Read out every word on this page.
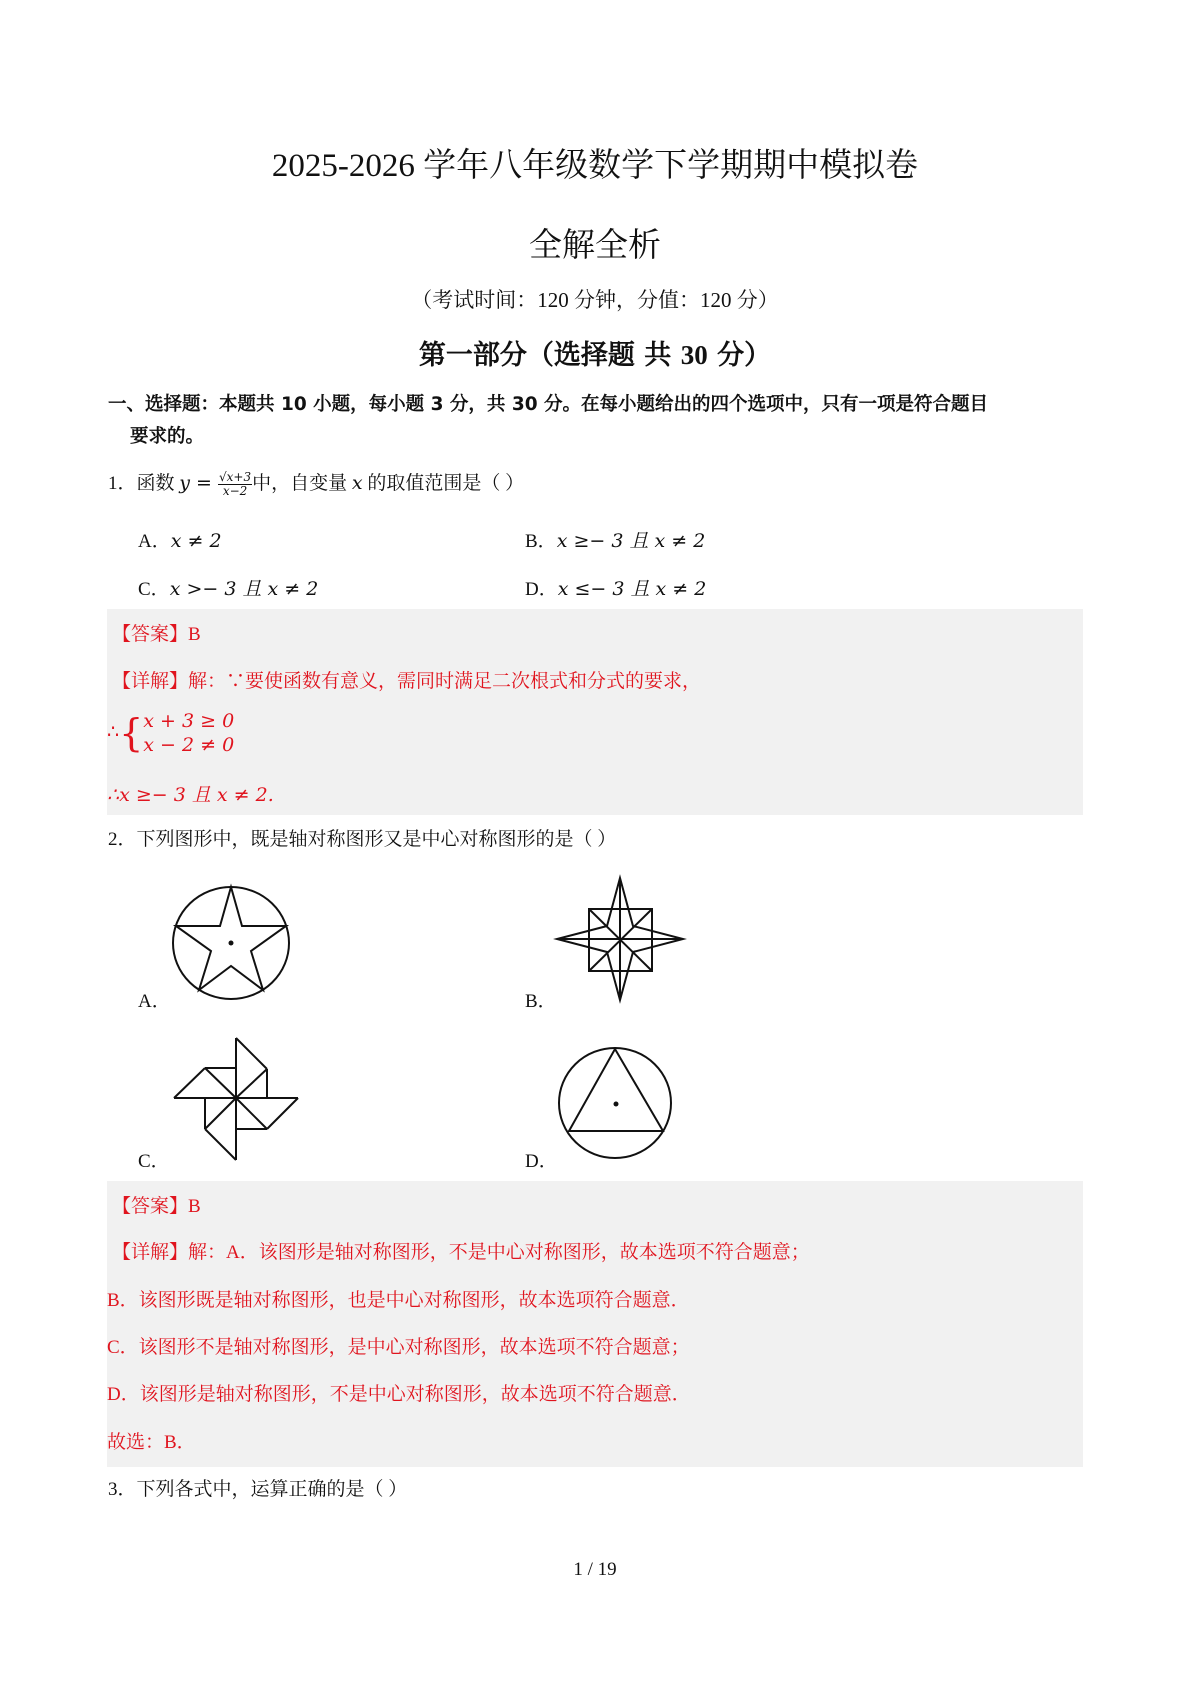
2025-2026 学年八年级数学下学期期中模拟卷
全解全析
（考试时间：120 分钟，分值：120 分）
第一部分（选择题 共 30 分）
一、选择题：本题共 10 小题，每小题 3 分，共 30 分。在每小题给出的四个选项中，只有一项是符合题目
要求的。
1．函数 $y = \frac{√x+3}{x-2}$ 中，自变量 x 的取值范围是（ ）
A．x ≠ 2	B．x ≥− 3 且 x ≠ 2
C．x >− 3 且 x ≠ 2	D．x ≤− 3 且 x ≠ 2
【答案】B
【详解】解：∵要使函数有意义，需同时满足二次根式和分式的要求，
∴{ x + 3 ≥ 0
x − 2 ≠ 0
∴x ≥− 3 且 x ≠ 2.
2．下列图形中，既是轴对称图形又是中心对称图形的是（ ）
A．	B．
C．	D．
【答案】B
【详解】解：A．该图形是轴对称图形，不是中心对称图形，故本选项不符合题意；
B．该图形既是轴对称图形，也是中心对称图形，故本选项符合题意．
C．该图形不是轴对称图形，是中心对称图形，故本选项不符合题意；
D．该图形是轴对称图形，不是中心对称图形，故本选项不符合题意．
故选：B．
3．下列各式中，运算正确的是（ ）
1 / 19
